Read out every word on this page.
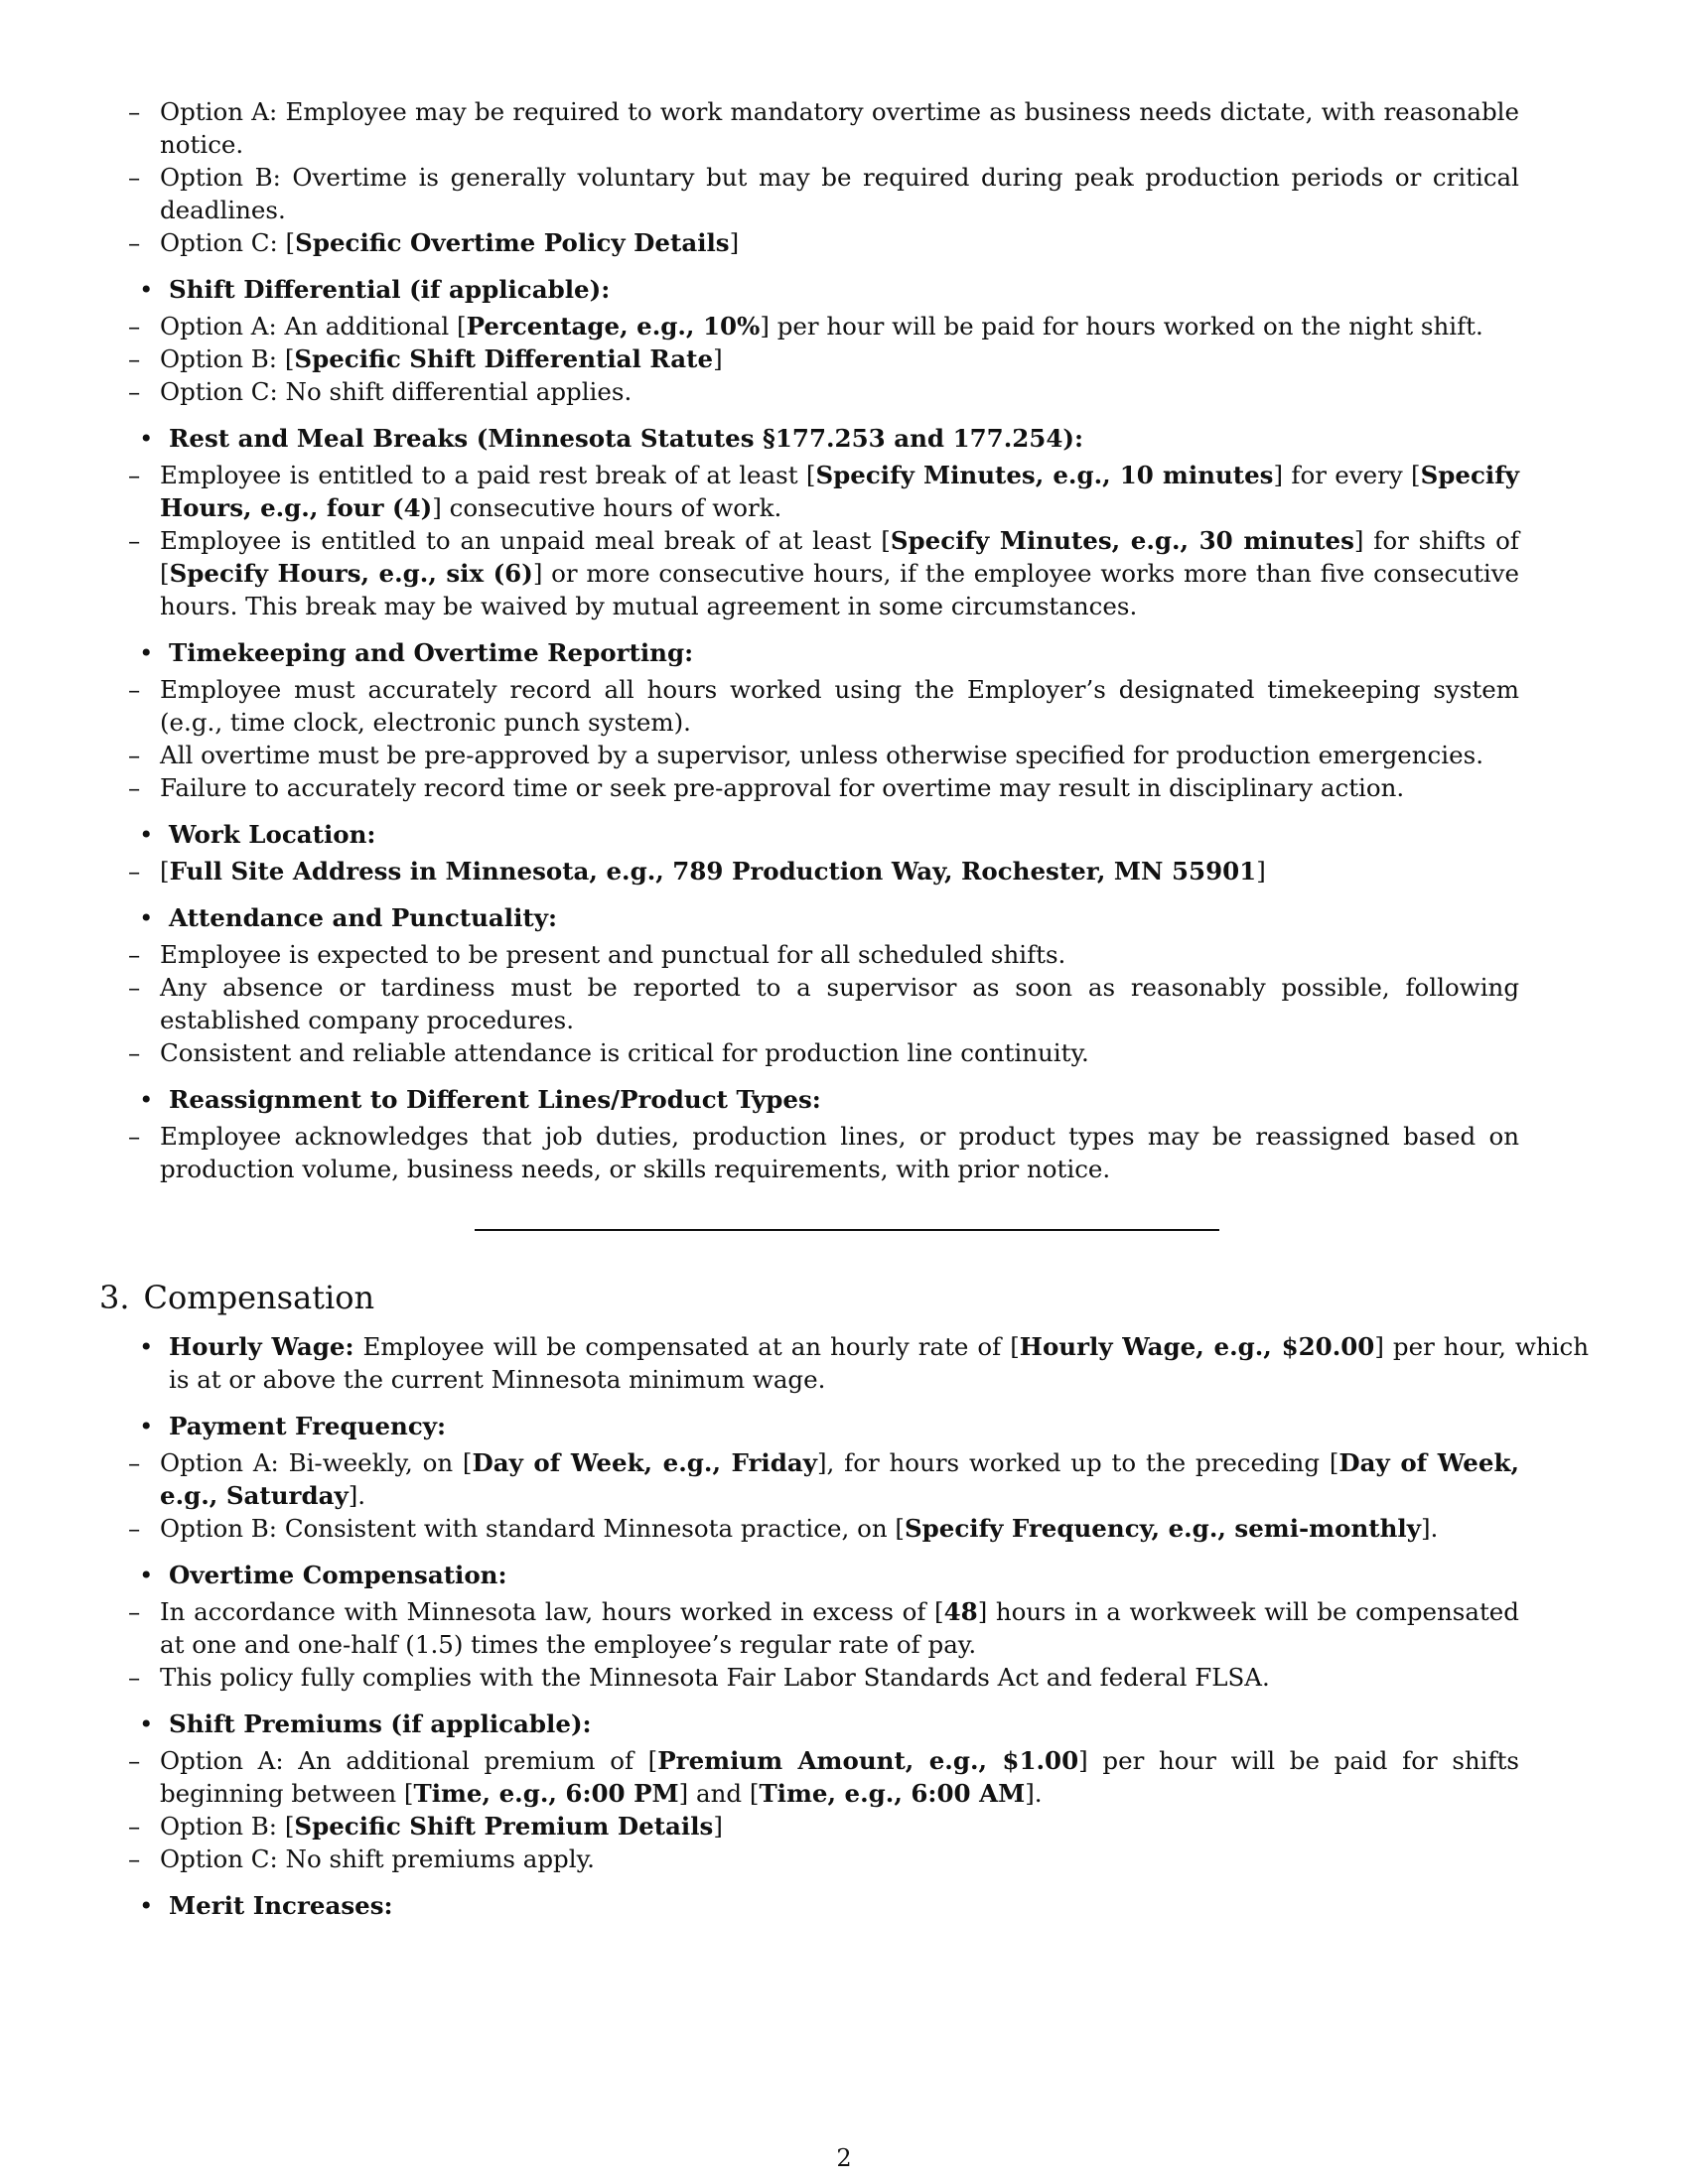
– Option A: Employee may be required to work mandatory overtime as business needs dictate, with reasonable notice.
– Option B: Overtime is generally voluntary but may be required during peak production periods or critical deadlines.
– Option C: [Specific Overtime Policy Details]
• Shift Differential (if applicable):
– Option A: An additional [Percentage, e.g., 10%] per hour will be paid for hours worked on the night shift.
– Option B: [Specific Shift Differential Rate]
– Option C: No shift differential applies.
• Rest and Meal Breaks (Minnesota Statutes §177.253 and 177.254):
– Employee is entitled to a paid rest break of at least [Specify Minutes, e.g., 10 minutes] for every [Specify Hours, e.g., four (4)] consecutive hours of work.
– Employee is entitled to an unpaid meal break of at least [Specify Minutes, e.g., 30 minutes] for shifts of [Specify Hours, e.g., six (6)] or more consecutive hours, if the employee works more than five consecutive hours. This break may be waived by mutual agreement in some circumstances.
• Timekeeping and Overtime Reporting:
– Employee must accurately record all hours worked using the Employer’s designated timekeeping system (e.g., time clock, electronic punch system).
– All overtime must be pre-approved by a supervisor, unless otherwise specified for production emergencies.
– Failure to accurately record time or seek pre-approval for overtime may result in disciplinary action.
• Work Location:
– [Full Site Address in Minnesota, e.g., 789 Production Way, Rochester, MN 55901]
• Attendance and Punctuality:
– Employee is expected to be present and punctual for all scheduled shifts.
– Any absence or tardiness must be reported to a supervisor as soon as reasonably possible, following established company procedures.
– Consistent and reliable attendance is critical for production line continuity.
• Reassignment to Different Lines/Product Types:
– Employee acknowledges that job duties, production lines, or product types may be reassigned based on production volume, business needs, or skills requirements, with prior notice.
3. Compensation
• Hourly Wage: Employee will be compensated at an hourly rate of [Hourly Wage, e.g., $20.00] per hour, which is at or above the current Minnesota minimum wage.
• Payment Frequency:
– Option A: Bi-weekly, on [Day of Week, e.g., Friday], for hours worked up to the preceding [Day of Week, e.g., Saturday].
– Option B: Consistent with standard Minnesota practice, on [Specify Frequency, e.g., semi-monthly].
• Overtime Compensation:
– In accordance with Minnesota law, hours worked in excess of [48] hours in a workweek will be compensated at one and one-half (1.5) times the employee’s regular rate of pay.
– This policy fully complies with the Minnesota Fair Labor Standards Act and federal FLSA.
• Shift Premiums (if applicable):
– Option A: An additional premium of [Premium Amount, e.g., $1.00] per hour will be paid for shifts beginning between [Time, e.g., 6:00 PM] and [Time, e.g., 6:00 AM].
– Option B: [Specific Shift Premium Details]
– Option C: No shift premiums apply.
• Merit Increases:
2
